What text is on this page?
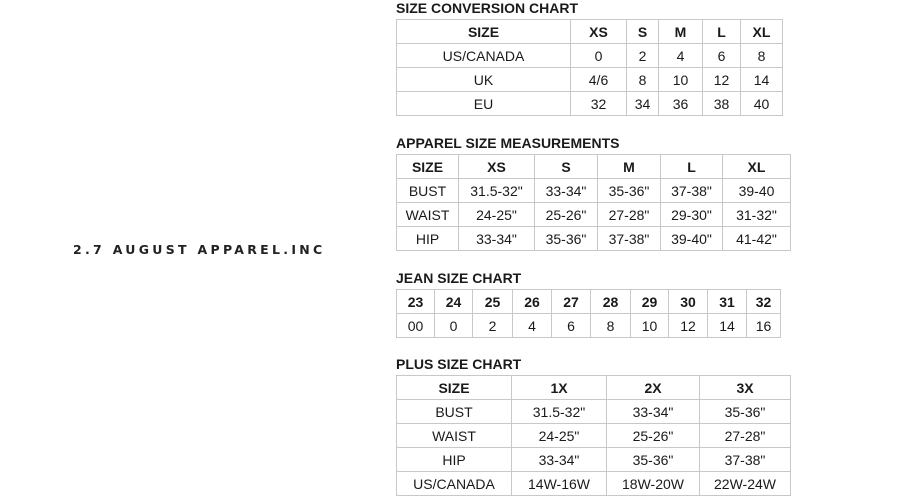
2.7 AUGUST APPAREL.INC
SIZE CONVERSION CHART
SIZE	XS	S	M	L	XL
US/CANADA	0	2	4	6	8
UK	4/6	8	10	12	14
EU	32	34	36	38	40
APPAREL SIZE MEASUREMENTS
SIZE	XS	S	M	L	XL
BUST	31.5-32"	33-34"	35-36"	37-38"	39-40
WAIST	24-25"	25-26"	27-28"	29-30"	31-32"
HIP	33-34"	35-36"	37-38"	39-40"	41-42"
JEAN SIZE CHART
23	24	25	26	27	28	29	30	31	32
00	0	2	4	6	8	10	12	14	16
PLUS SIZE CHART
SIZE	1X	2X	3X
BUST	31.5-32"	33-34"	35-36"
WAIST	24-25"	25-26"	27-28"
HIP	33-34"	35-36"	37-38"
US/CANADA	14W-16W	18W-20W	22W-24W
